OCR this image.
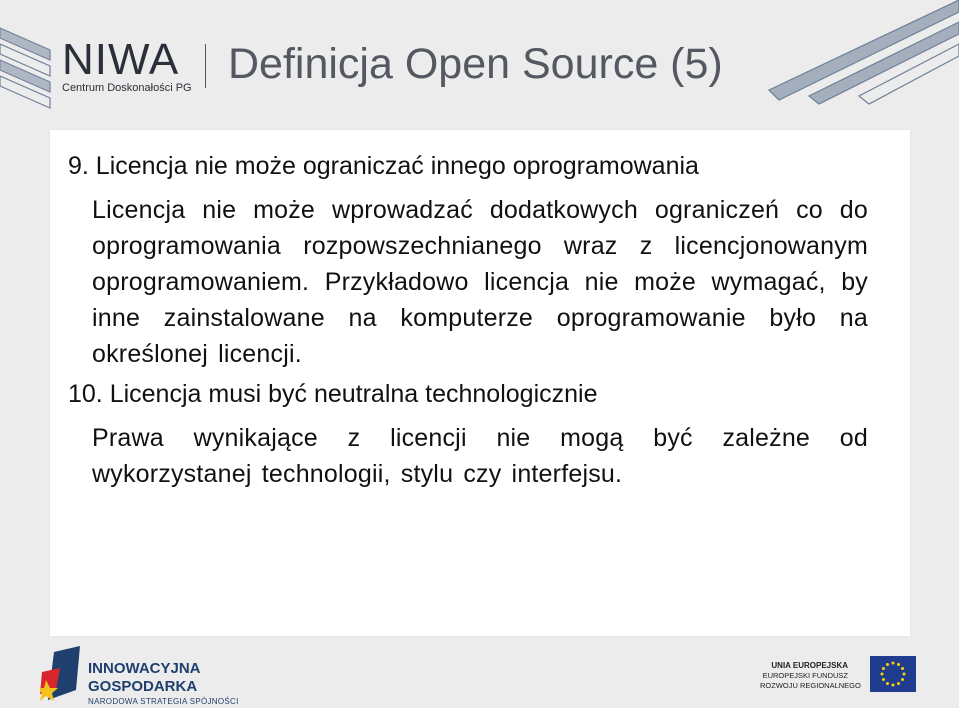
NIWA
Centrum Doskonałości PG Definicja Open Source (5)

9. Licencja nie może ograniczać innego oprogramowania

Licencja nie może wprowadzać dodatkowych ograniczeń co do oprogramowania rozpowszechnianego wraz z licencjonowanym oprogramowaniem. Przykładowo licencja nie może wymagać, by inne zainstalowane na komputerze oprogramowanie było na określonej licencji.

10. Licencja musi być neutralna technologicznie

Prawa wynikające z licencji nie mogą być zależne od wykorzystanej technologii, stylu czy interfejsu.

INNOWACYJNA
GOSPODARKA
NARODOWA STRATEGIA SPÓJNOŚCI
UNIA EUROPEJSKA
EUROPEJSKI FUNDUSZ
ROZWOJU REGIONALNEGO
